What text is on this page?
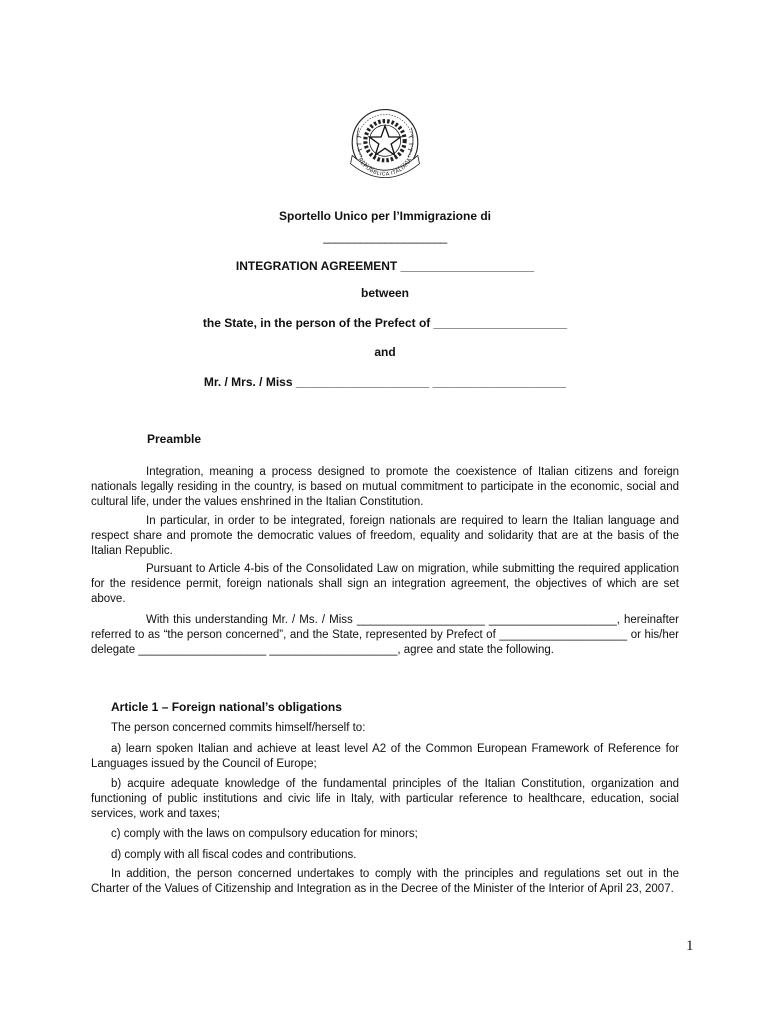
REPUBBLICA ITALIANA
Sportello Unico per l’Immigrazione di
____________________
INTEGRATION AGREEMENT ____________________
between
the State, in the person of the Prefect of ____________________
and
Mr. / Mrs. / Miss ____________________ ____________________
Preamble

Integration, meaning a process designed to promote the coexistence of Italian citizens and foreign nationals legally residing in the country, is based on mutual commitment to participate in the economic, social and cultural life, under the values enshrined in the Italian Constitution.

In particular, in order to be integrated, foreign nationals are required to learn the Italian language and respect share and promote the democratic values of freedom, equality and solidarity that are at the basis of the Italian Republic.

Pursuant to Article 4-bis of the Consolidated Law on migration, while submitting the required application for the residence permit, foreign nationals shall sign an integration agreement, the objectives of which are set above.

With this understanding Mr. / Ms. / Miss ____________________ ____________________, hereinafter referred to as “the person concerned”, and the State, represented by Prefect of ____________________ or his/her delegate ____________________ ____________________, agree and state the following.

Article 1 – Foreign national’s obligations

The person concerned commits himself/herself to:

a) learn spoken Italian and achieve at least level A2 of the Common European Framework of Reference for Languages issued by the Council of Europe;

b) acquire adequate knowledge of the fundamental principles of the Italian Constitution, organization and functioning of public institutions and civic life in Italy, with particular reference to healthcare, education, social services, work and taxes;

c) comply with the laws on compulsory education for minors;

d) comply with all fiscal codes and contributions.

In addition, the person concerned undertakes to comply with the principles and regulations set out in the Charter of the Values of Citizenship and Integration as in the Decree of the Minister of the Interior of April 23, 2007.

1
